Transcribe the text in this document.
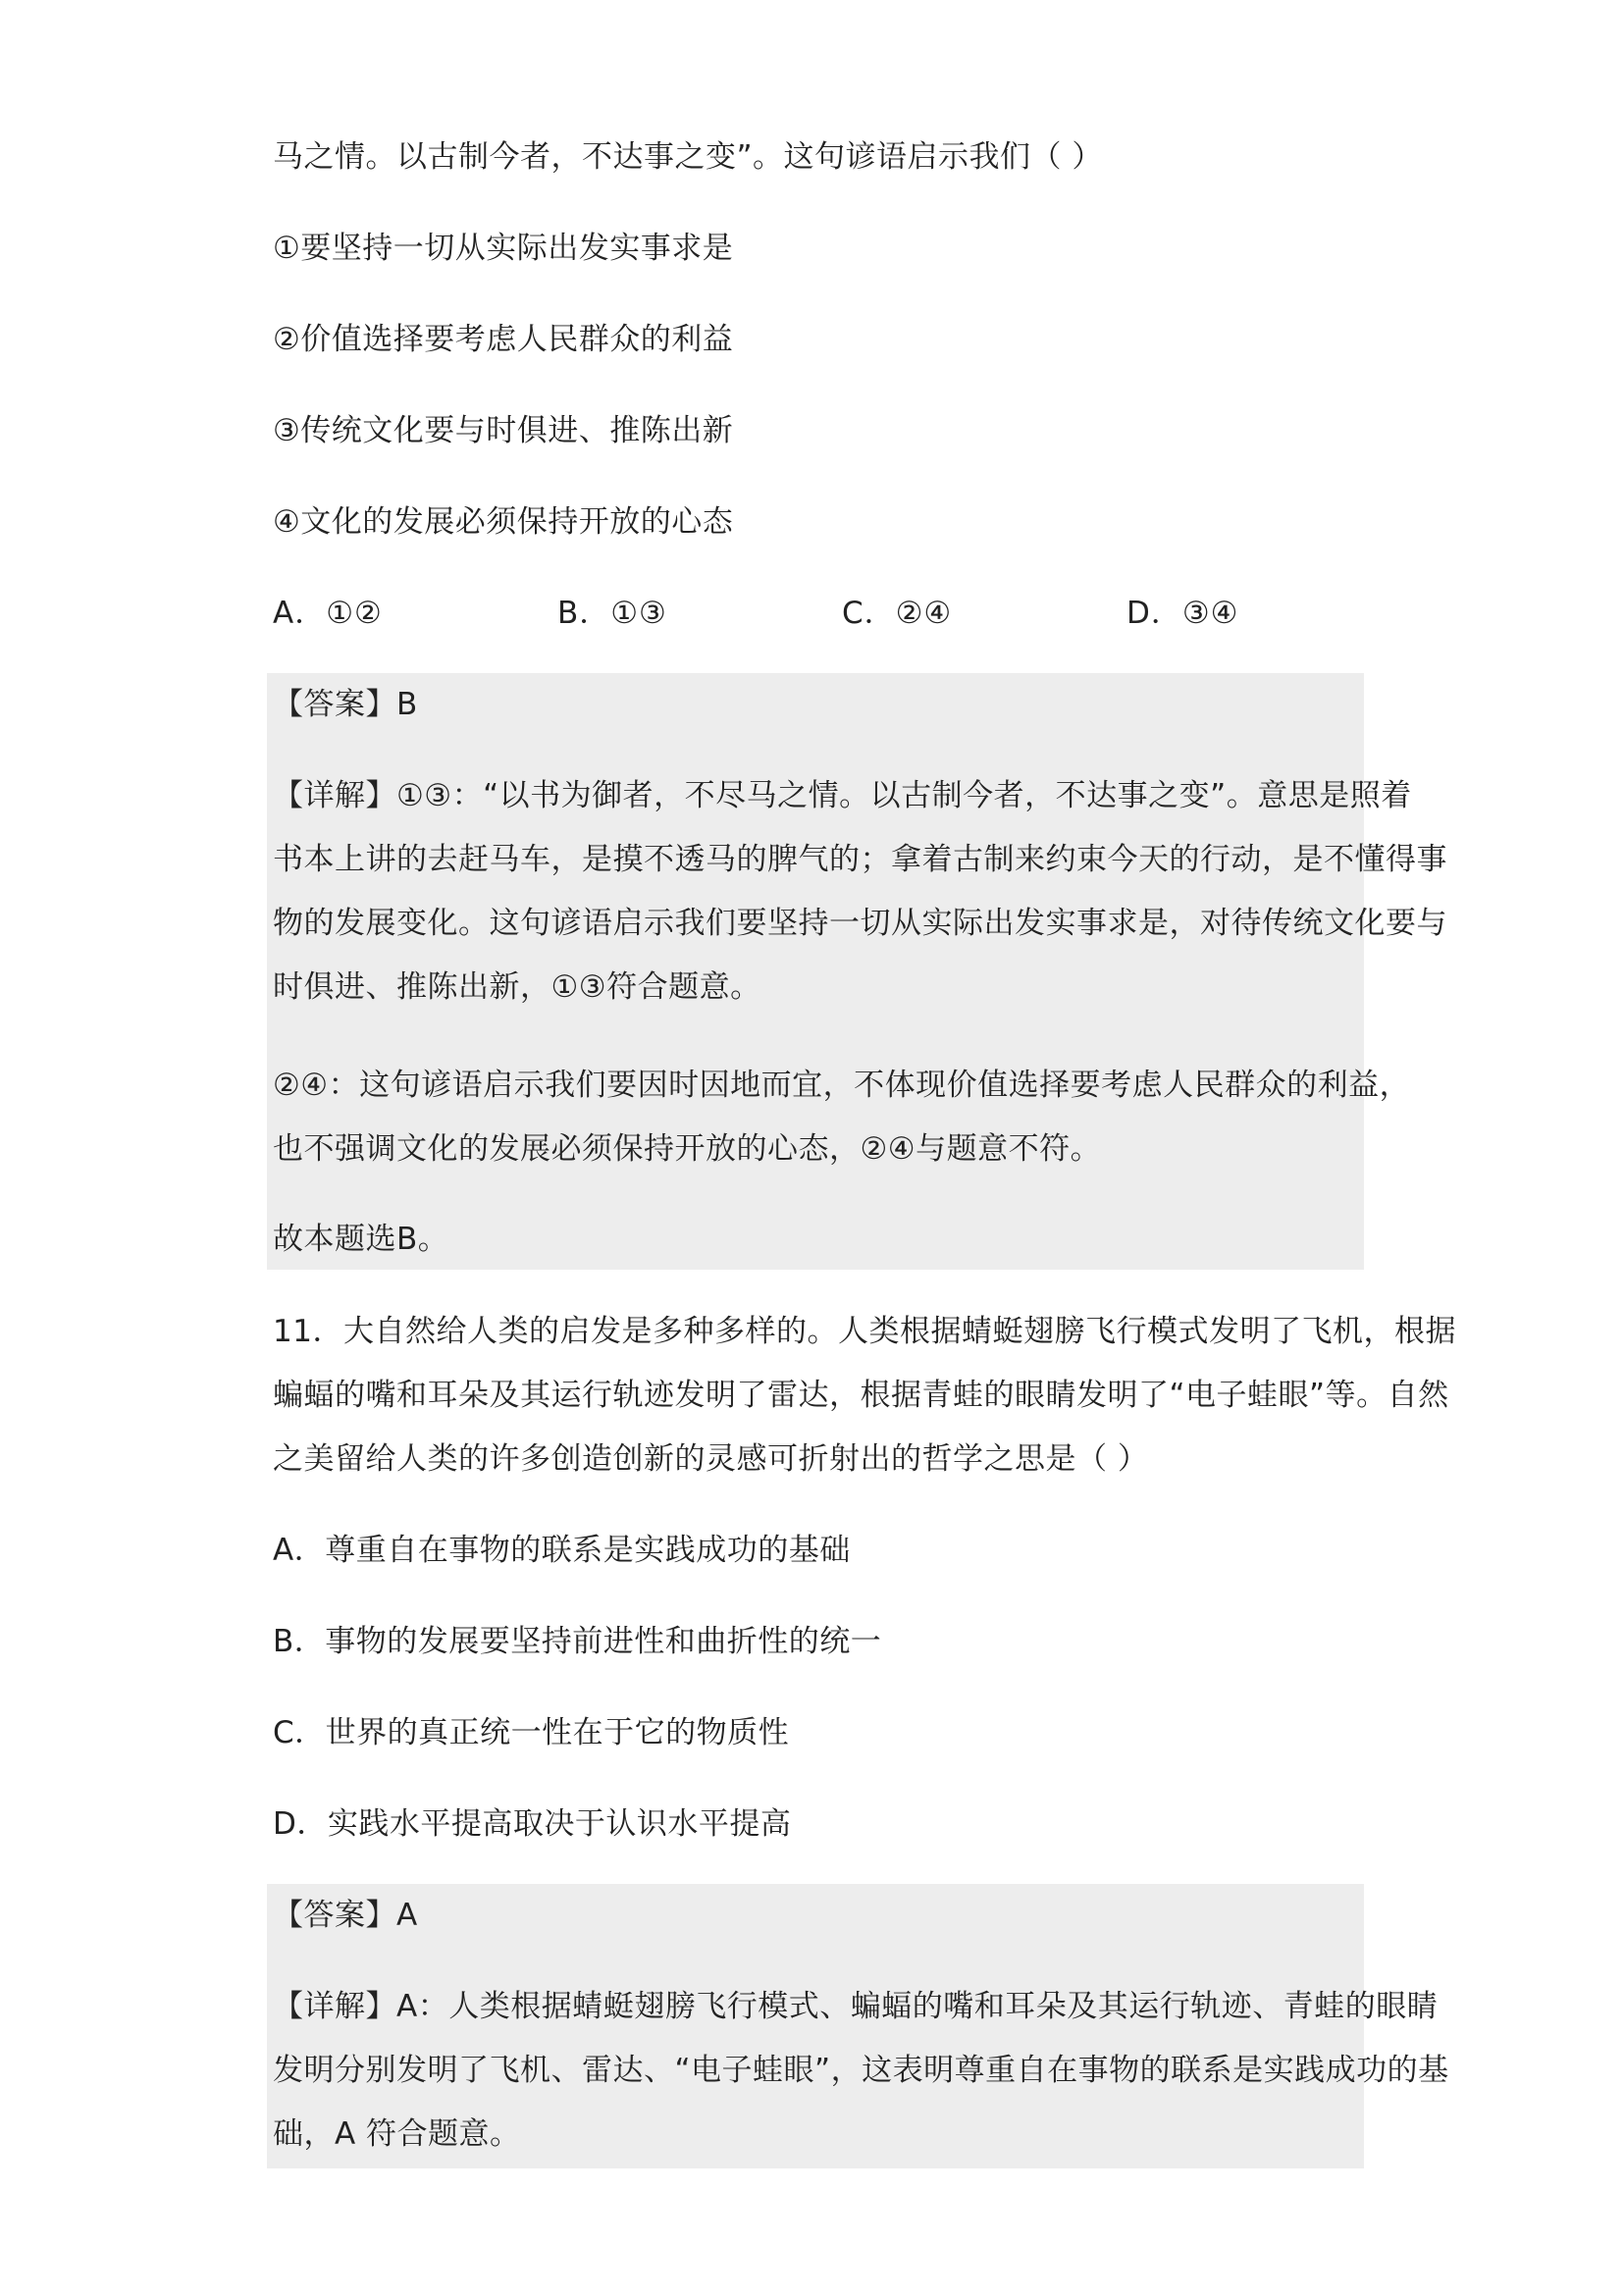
马之情。以古制今者，不达事之变”。这句谚语启示我们（ ）
①要坚持一切从实际出发实事求是
②价值选择要考虑人民群众的利益
③传统文化要与时俱进、推陈出新
④文化的发展必须保持开放的心态
A．①②	B．①③	C．②④	D．③④
【答案】B
【详解】①③：“以书为御者，不尽马之情。以古制今者，不达事之变”。意思是照着
书本上讲的去赶马车，是摸不透马的脾气的；拿着古制来约束今天的行动，是不懂得事
物的发展变化。这句谚语启示我们要坚持一切从实际出发实事求是，对待传统文化要与
时俱进、推陈出新，①③符合题意。
②④：这句谚语启示我们要因时因地而宜，不体现价值选择要考虑人民群众的利益，
也不强调文化的发展必须保持开放的心态，②④与题意不符。
故本题选B。
11．大自然给人类的启发是多种多样的。人类根据蜻蜓翅膀飞行模式发明了飞机，根据
蝙蝠的嘴和耳朵及其运行轨迹发明了雷达，根据青蛙的眼睛发明了“电子蛙眼”等。自然
之美留给人类的许多创造创新的灵感可折射出的哲学之思是（ ）
A．尊重自在事物的联系是实践成功的基础
B．事物的发展要坚持前进性和曲折性的统一
C．世界的真正统一性在于它的物质性
D．实践水平提高取决于认识水平提高
【答案】A
【详解】A：人类根据蜻蜓翅膀飞行模式、蝙蝠的嘴和耳朵及其运行轨迹、青蛙的眼睛
发明分别发明了飞机、雷达、“电子蛙眼”，这表明尊重自在事物的联系是实践成功的基
础，A 符合题意。
